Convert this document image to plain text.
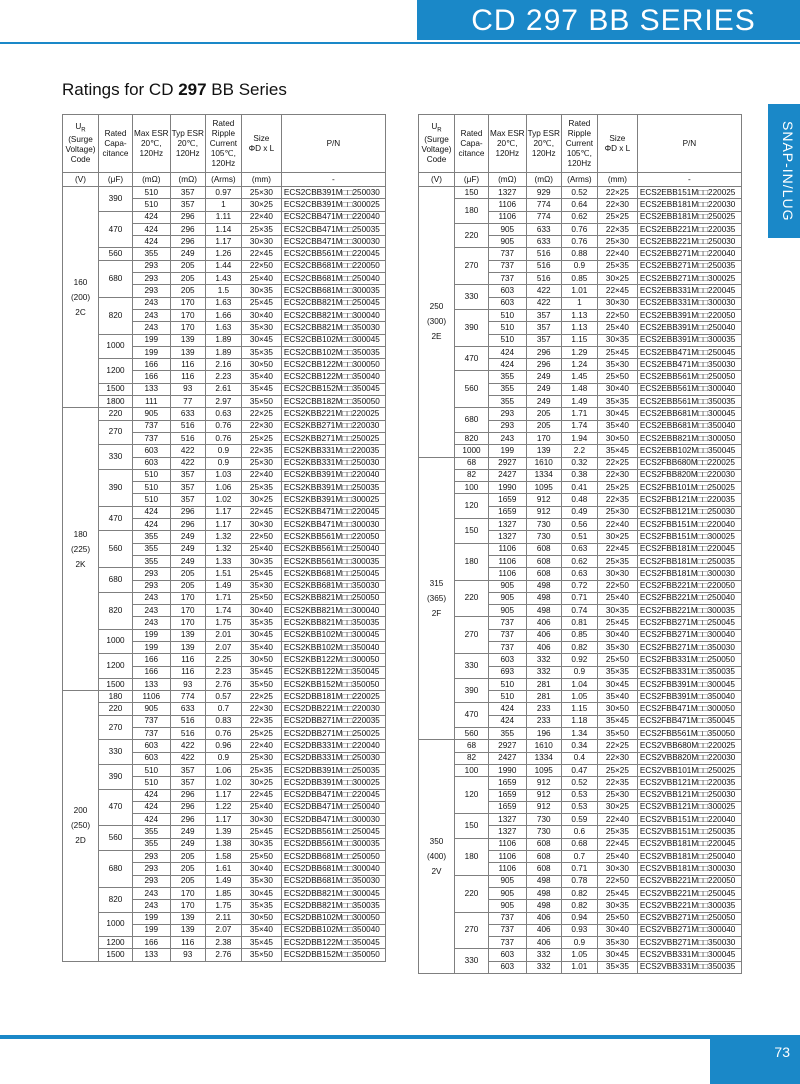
CD 297 BB SERIES
Ratings for CD 297 BB Series
SNAP-IN/LUG
$U_R$
(Surge
Voltage)
Code	Rated
Capa-
citance	Max ESR
20℃,
120Hz	Typ ESR
20℃,
120Hz	Rated
Ripple
Current
105℃,
120Hz	Size
ΦD x L	P/N
(V)	(μF)	(mΩ)	(mΩ)	(Arms)	(mm)	-
160
(200)
2C	390	510	357	0.97	25×30	ECS2CBB391M□□250030
		510	357	1	30×25	ECS2CBB391M□□300025
	470	424	296	1.11	22×40	ECS2CBB471M□□220040
		424	296	1.14	25×35	ECS2CBB471M□□250035
		424	296	1.17	30×30	ECS2CBB471M□□300030
	560	355	249	1.26	22×45	ECS2CBB561M□□220045
	680	293	205	1.44	22×50	ECS2CBB681M□□220050
		293	205	1.43	25×40	ECS2CBB681M□□250040
		293	205	1.5	30×35	ECS2CBB681M□□300035
	820	243	170	1.63	25×45	ECS2CBB821M□□250045
		243	170	1.66	30×40	ECS2CBB821M□□300040
		243	170	1.63	35×30	ECS2CBB821M□□350030
	1000	199	139	1.89	30×45	ECS2CBB102M□□300045
		199	139	1.89	35×35	ECS2CBB102M□□350035
	1200	166	116	2.16	30×50	ECS2CBB122M□□300050
		166	116	2.23	35×40	ECS2CBB122M□□350040
	1500	133	93	2.61	35×45	ECS2CBB152M□□350045
	1800	111	77	2.97	35×50	ECS2CBB182M□□350050
180
(225)
2K	220	905	633	0.63	22×25	ECS2KBB221M□□220025
	270	737	516	0.76	22×30	ECS2KBB271M□□220030
		737	516	0.76	25×25	ECS2KBB271M□□250025
	330	603	422	0.9	22×35	ECS2KBB331M□□220035
		603	422	0.9	25×30	ECS2KBB331M□□250030
	390	510	357	1.03	22×40	ECS2KBB391M□□220040
		510	357	1.06	25×35	ECS2KBB391M□□250035
		510	357	1.02	30×25	ECS2KBB391M□□300025
	470	424	296	1.17	22×45	ECS2KBB471M□□220045
		424	296	1.17	30×30	ECS2KBB471M□□300030
	560	355	249	1.32	22×50	ECS2KBB561M□□220050
		355	249	1.32	25×40	ECS2KBB561M□□250040
		355	249	1.33	30×35	ECS2KBB561M□□300035
	680	293	205	1.51	25×45	ECS2KBB681M□□250045
		293	205	1.49	35×30	ECS2KBB681M□□350030
	820	243	170	1.71	25×50	ECS2KBB821M□□250050
		243	170	1.74	30×40	ECS2KBB821M□□300040
		243	170	1.75	35×35	ECS2KBB821M□□350035
	1000	199	139	2.01	30×45	ECS2KBB102M□□300045
		199	139	2.07	35×40	ECS2KBB102M□□350040
	1200	166	116	2.25	30×50	ECS2KBB122M□□300050
		166	116	2.23	35×45	ECS2KBB122M□□350045
	1500	133	93	2.76	35×50	ECS2KBB152M□□350050
200
(250)
2D	180	1106	774	0.57	22×25	ECS2DBB181M□□220025
	220	905	633	0.7	22×30	ECS2DBB221M□□220030
	270	737	516	0.83	22×35	ECS2DBB271M□□220035
		737	516	0.76	25×25	ECS2DBB271M□□250025
	330	603	422	0.96	22×40	ECS2DBB331M□□220040
		603	422	0.9	25×30	ECS2DBB331M□□250030
	390	510	357	1.06	25×35	ECS2DBB391M□□250035
		510	357	1.02	30×25	ECS2DBB391M□□300025
	470	424	296	1.17	22×45	ECS2DBB471M□□220045
		424	296	1.22	25×40	ECS2DBB471M□□250040
		424	296	1.17	30×30	ECS2DBB471M□□300030
	560	355	249	1.39	25×45	ECS2DBB561M□□250045
		355	249	1.38	30×35	ECS2DBB561M□□300035
	680	293	205	1.58	25×50	ECS2DBB681M□□250050
		293	205	1.61	30×40	ECS2DBB681M□□300040
		293	205	1.49	35×30	ECS2DBB681M□□350030
	820	243	170	1.85	30×45	ECS2DBB821M□□300045
		243	170	1.75	35×35	ECS2DBB821M□□350035
	1000	199	139	2.11	30×50	ECS2DBB102M□□300050
		199	139	2.07	35×40	ECS2DBB102M□□350040
	1200	166	116	2.38	35×45	ECS2DBB122M□□350045
	1500	133	93	2.76	35×50	ECS2DBB152M□□350050
$U_R$
(Surge
Voltage)
Code	Rated
Capa-
citance	Max ESR
20℃,
120Hz	Typ ESR
20℃,
120Hz	Rated
Ripple
Current
105℃,
120Hz	Size
ΦD x L	P/N
(V)	(μF)	(mΩ)	(mΩ)	(Arms)	(mm)	-
250
(300)
2E	150	1327	929	0.52	22×25	ECS2EBB151M□□220025
	180	1106	774	0.64	22×30	ECS2EBB181M□□220030
		1106	774	0.62	25×25	ECS2EBB181M□□250025
	220	905	633	0.76	22×35	ECS2EBB221M□□220035
		905	633	0.76	25×30	ECS2EBB221M□□250030
	270	737	516	0.88	22×40	ECS2EBB271M□□220040
		737	516	0.9	25×35	ECS2EBB271M□□250035
		737	516	0.85	30×25	ECS2EBB271M□□300025
	330	603	422	1.01	22×45	ECS2EBB331M□□220045
		603	422	1	30×30	ECS2EBB331M□□300030
	390	510	357	1.13	22×50	ECS2EBB391M□□220050
		510	357	1.13	25×40	ECS2EBB391M□□250040
		510	357	1.15	30×35	ECS2EBB391M□□300035
	470	424	296	1.29	25×45	ECS2EBB471M□□250045
		424	296	1.24	35×30	ECS2EBB471M□□350030
	560	355	249	1.45	25×50	ECS2EBB561M□□250050
		355	249	1.48	30×40	ECS2EBB561M□□300040
		355	249	1.49	35×35	ECS2EBB561M□□350035
	680	293	205	1.71	30×45	ECS2EBB681M□□300045
		293	205	1.74	35×40	ECS2EBB681M□□350040
	820	243	170	1.94	30×50	ECS2EBB821M□□300050
	1000	199	139	2.2	35×45	ECS2EBB102M□□350045
315
(365)
2F	68	2927	1610	0.32	22×25	ECS2FBB680M□□220025
	82	2427	1334	0.38	22×30	ECS2FBB820M□□220030
	100	1990	1095	0.41	25×25	ECS2FBB101M□□250025
	120	1659	912	0.48	22×35	ECS2FBB121M□□220035
		1659	912	0.49	25×30	ECS2FBB121M□□250030
	150	1327	730	0.56	22×40	ECS2FBB151M□□220040
		1327	730	0.51	30×25	ECS2FBB151M□□300025
	180	1106	608	0.63	22×45	ECS2FBB181M□□220045
		1106	608	0.62	25×35	ECS2FBB181M□□250035
		1106	608	0.63	30×30	ECS2FBB181M□□300030
	220	905	498	0.72	22×50	ECS2FBB221M□□220050
		905	498	0.71	25×40	ECS2FBB221M□□250040
		905	498	0.74	30×35	ECS2FBB221M□□300035
	270	737	406	0.81	25×45	ECS2FBB271M□□250045
		737	406	0.85	30×40	ECS2FBB271M□□300040
		737	406	0.82	35×30	ECS2FBB271M□□350030
	330	603	332	0.92	25×50	ECS2FBB331M□□250050
		693	332	0.9	35×35	ECS2FBB331M□□350035
	390	510	281	1.04	30×45	ECS2FBB391M□□300045
		510	281	1.05	35×40	ECS2FBB391M□□350040
	470	424	233	1.15	30×50	ECS2FBB471M□□300050
		424	233	1.18	35×45	ECS2FBB471M□□350045
	560	355	196	1.34	35×50	ECS2FBB561M□□350050
350
(400)
2V	68	2927	1610	0.34	22×25	ECS2VBB680M□□220025
	82	2427	1334	0.4	22×30	ECS2VBB820M□□220030
	100	1990	1095	0.47	25×25	ECS2VBB101M□□250025
	120	1659	912	0.52	22×35	ECS2VBB121M□□220035
		1659	912	0.53	25×30	ECS2VBB121M□□250030
		1659	912	0.53	30×25	ECS2VBB121M□□300025
	150	1327	730	0.59	22×40	ECS2VBB151M□□220040
		1327	730	0.6	25×35	ECS2VBB151M□□250035
	180	1106	608	0.68	22×45	ECS2VBB181M□□220045
		1106	608	0.7	25×40	ECS2VBB181M□□250040
		1106	608	0.71	30×30	ECS2VBB181M□□300030
	220	905	498	0.78	22×50	ECS2VBB221M□□220050
		905	498	0.82	25×45	ECS2VBB221M□□250045
		905	498	0.82	30×35	ECS2VBB221M□□300035
	270	737	406	0.94	25×50	ECS2VBB271M□□250050
		737	406	0.93	30×40	ECS2VBB271M□□300040
		737	406	0.9	35×30	ECS2VBB271M□□350030
	330	603	332	1.05	30×45	ECS2VBB331M□□300045
		603	332	1.01	35×35	ECS2VBB331M□□350035
73
